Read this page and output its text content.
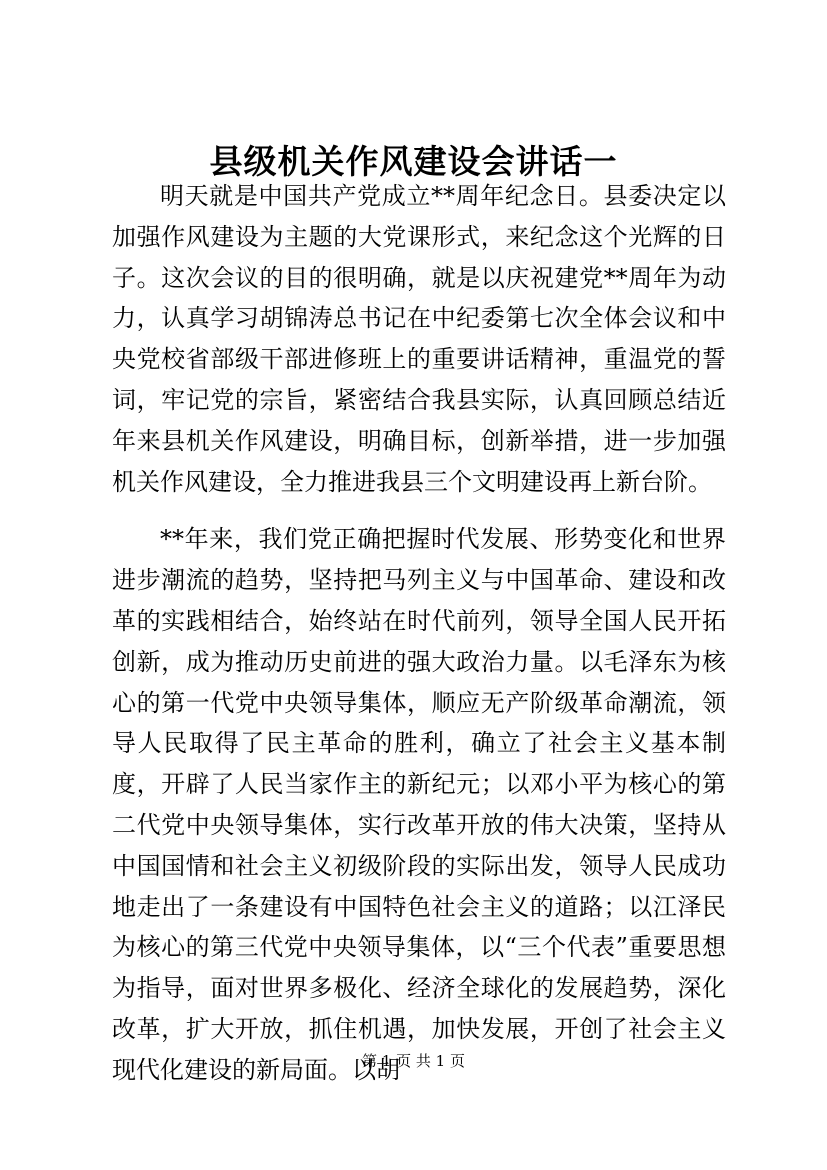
县级机关作风建设会讲话一

明天就是中国共产党成立**周年纪念日。县委决定以加强作风建设为主题的大党课形式，来纪念这个光辉的日子。这次会议的目的很明确，就是以庆祝建党**周年为动力，认真学习胡锦涛总书记在中纪委第七次全体会议和中央党校省部级干部进修班上的重要讲话精神，重温党的誓词，牢记党的宗旨，紧密结合我县实际，认真回顾总结近年来县机关作风建设，明确目标，创新举措，进一步加强机关作风建设，全力推进我县三个文明建设再上新台阶。

**年来，我们党正确把握时代发展、形势变化和世界进步潮流的趋势，坚持把马列主义与中国革命、建设和改革的实践相结合，始终站在时代前列，领导全国人民开拓创新，成为推动历史前进的强大政治力量。以毛泽东为核心的第一代党中央领导集体，顺应无产阶级革命潮流，领导人民取得了民主革命的胜利，确立了社会主义基本制度，开辟了人民当家作主的新纪元；以邓小平为核心的第二代党中央领导集体，实行改革开放的伟大决策，坚持从中国国情和社会主义初级阶段的实际出发，领导人民成功地走出了一条建设有中国特色社会主义的道路；以江泽民为核心的第三代党中央领导集体，以“三个代表”重要思想为指导，面对世界多极化、经济全球化的发展趋势，深化改革，扩大开放，抓住机遇，加快发展，开创了社会主义现代化建设的新局面。以胡

第 1 页 共 1 页
